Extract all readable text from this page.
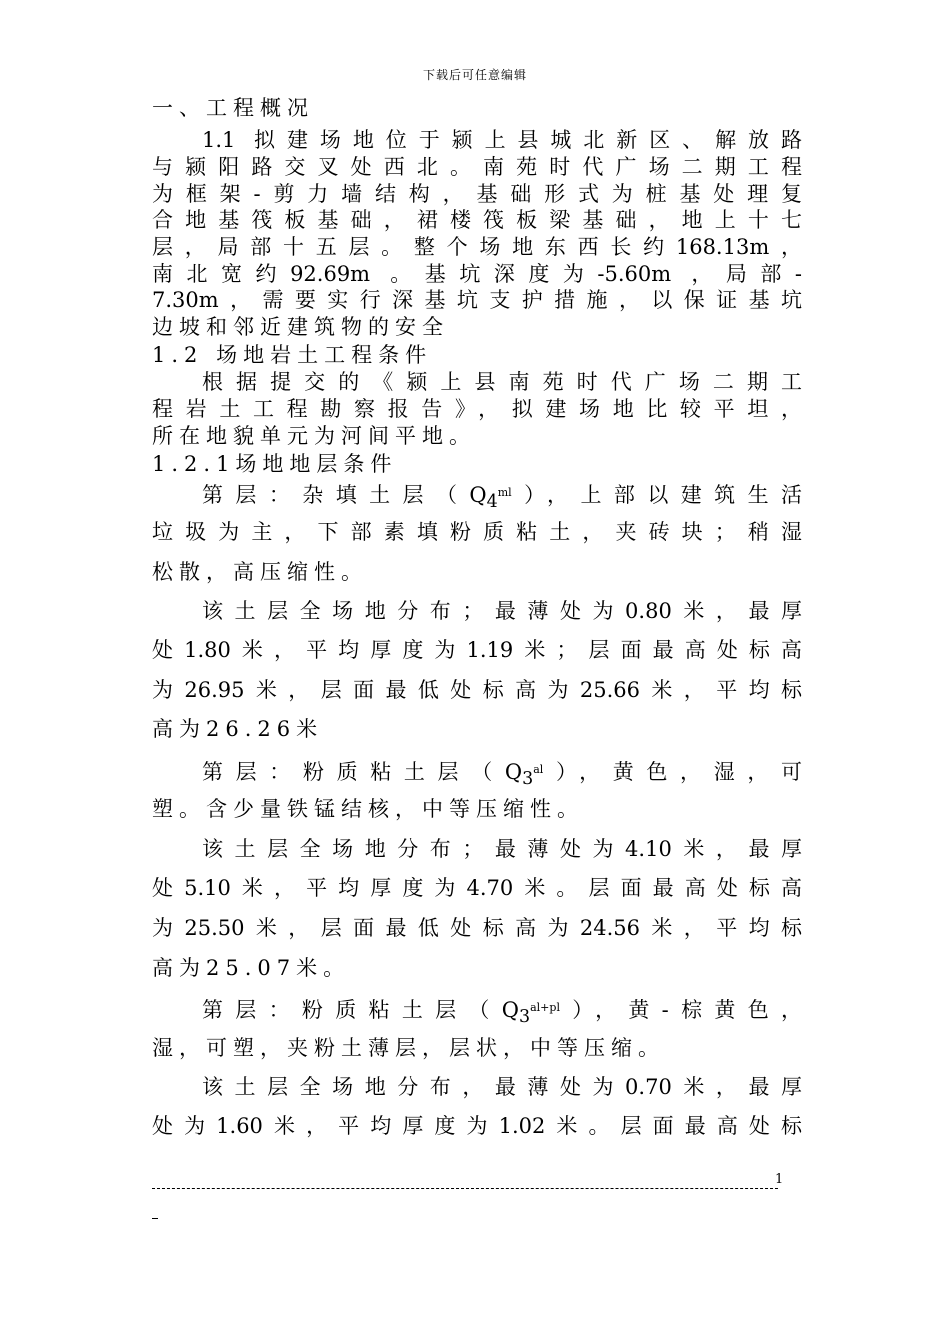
下载后可任意编辑
一、工程概况
1.1 拟建场地位于颍上县城北新区、解放路
与颍阳路交叉处西北。南苑时代广场二期工程
为框架-剪力墙结构，基础形式为桩基处理复
合地基筏板基础，裙楼筏板梁基础，地上十七
层，局部十五层。整个场地东西长约168.13m，
南北宽约92.69m 。基坑深度为-5.60m ，局部-
7.30m，需要实行深基坑支护措施，以保证基坑
边坡和邻近建筑物的安全
1.2 场地岩土工程条件
根据提交的《颍上县南苑时代广场二期工
程岩土工程勘察报告》，拟建场地比较平坦，
所在地貌单元为河间平地。
1.2.1场地地层条件
第层：杂填土层$(Q_4^{ml})$，上部以建筑生活
垃圾为主，下部素填粉质粘土，夹砖块；稍湿
松散，高压缩性。
该土层全场地分布；最薄处为0.80米，最厚
处1.80米，平均厚度为1.19米；层面最高处标高
为26.95米，层面最低处标高为25.66米，平均标
高为26.26米
第层：粉质粘土层$(Q_3^{al})$，黄色，湿，可
塑。含少量铁锰结核，中等压缩性。
该土层全场地分布；最薄处为4.10米，最厚
处5.10米，平均厚度为4.70米。层面最高处标高
为25.50米，层面最低处标高为24.56米，平均标
高为25.07米。
第层：粉质粘土层$(Q_3^{al+pl})$，黄-棕黄色，
湿，可塑，夹粉土薄层，层状，中等压缩。
该土层全场地分布，最薄处为0.70米，最厚
处为1.60米，平均厚度为1.02米。层面最高处标
1
